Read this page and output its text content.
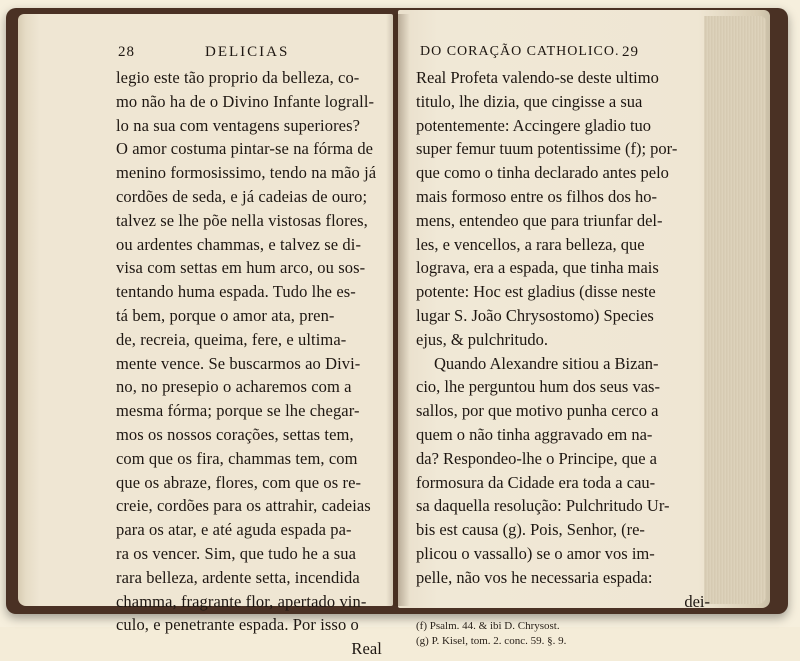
28	DELICIAS
legio este tão proprio da belleza, co-
mo não ha de o Divino Infante lograll-
lo na sua com ventagens superiores?
O amor costuma pintar-se na fórma de
menino formosissimo, tendo na mão já
cordões de seda, e já cadeias de ouro;
talvez se lhe põe nella vistosas flores,
ou ardentes chammas, e talvez se di-
visa com settas em hum arco, ou sos-
tentando huma espada. Tudo lhe es-
tá bem, porque o amor ata, pren-
de, recreia, queima, fere, e ultima-
mente vence. Se buscarmos ao Divi-
no, no presepio o acharemos com a
mesma fórma; porque se lhe chegar-
mos os nossos corações, settas tem,
com que os fira, chammas tem, com
que os abraze, flores, com que os re-
creie, cordões para os attrahir, cadeias
para os atar, e até aguda espada pa-
ra os vencer. Sim, que tudo he a sua
rara belleza, ardente setta, incendida
chamma, fragrante flor, apertado vin-
culo, e penetrante espada. Por isso o
Real
DO CORAÇÃO CATHOLICO. 29
Real Profeta valendo-se deste ultimo
titulo, lhe dizia, que cingisse a sua
potentemente: Accingere gladio tuo
super femur tuum potentissime (f); por-
que como o tinha declarado antes pelo
mais formoso entre os filhos dos ho-
mens, entendeo que para triunfar del-
les, e vencellos, a rara belleza, que
lograva, era a espada, que tinha mais
potente: Hoc est gladius (disse neste
lugar S. João Chrysostomo) Species
ejus, & pulchritudo.
Quando Alexandre sitiou a Bizan-
cio, lhe perguntou hum dos seus vas-
sallos, por que motivo punha cerco a
quem o não tinha aggravado em na-
da? Respondeo-lhe o Principe, que a
formosura da Cidade era toda a cau-
sa daquella resolução: Pulchritudo Ur-
bis est causa (g). Pois, Senhor, (re-
plicou o vassallo) se o amor vos im-
pelle, não vos he necessaria espada:
dei-
(f) Psalm. 44. & ibi D. Chrysost.
(g) P. Kisel, tom. 2. conc. 59. §. 9.
